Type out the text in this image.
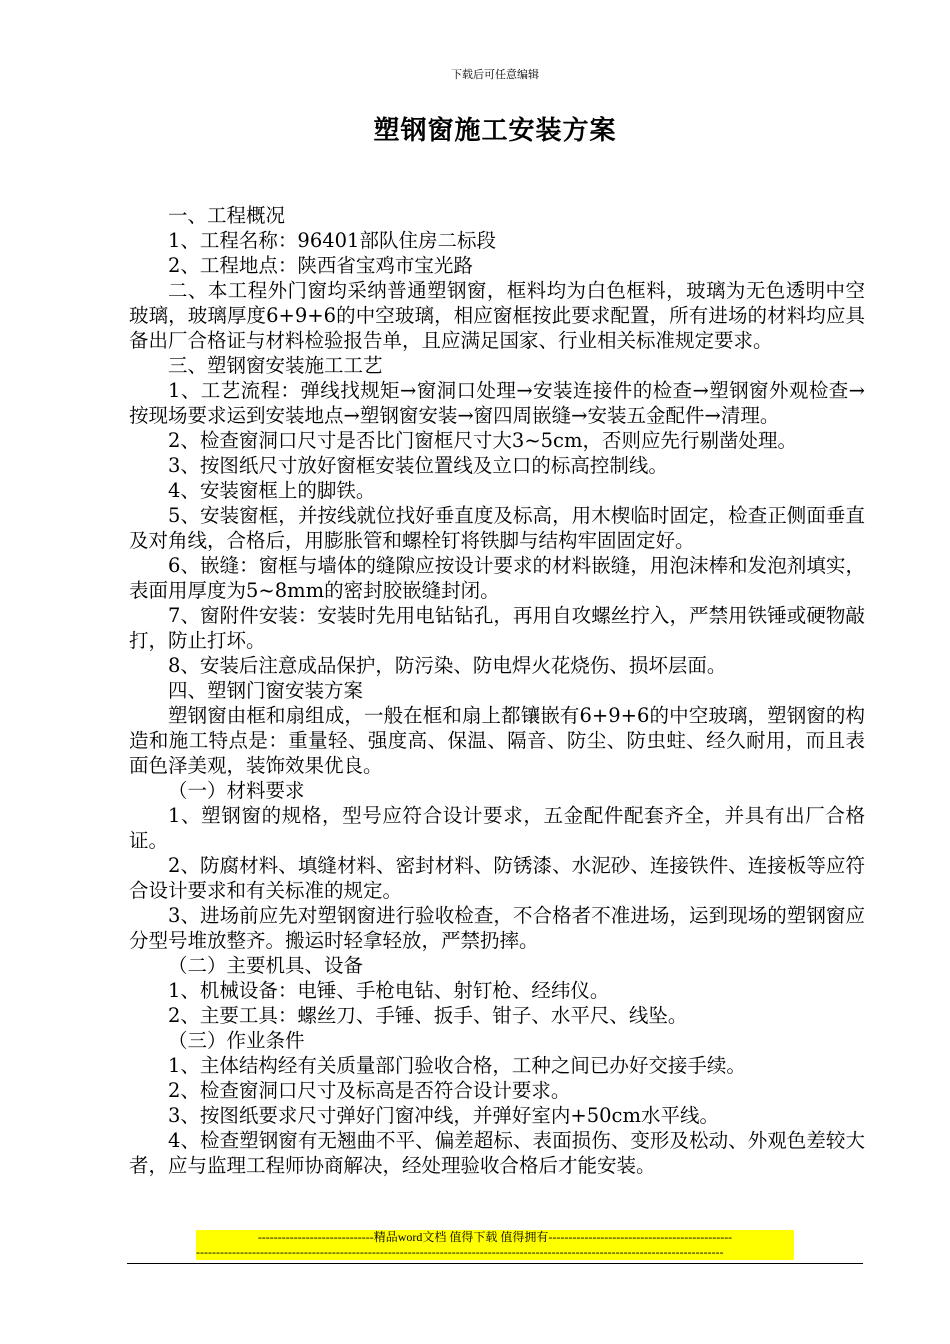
下载后可任意编辑
塑钢窗施工安装方案

一、工程概况

1、工程名称：96401部队住房二标段

2、工程地点：陕西省宝鸡市宝光路

二、本工程外门窗均采纳普通塑钢窗，框料均为白色框料，玻璃为无色透明中空玻璃，玻璃厚度6+9+6的中空玻璃，相应窗框按此要求配置，所有进场的材料均应具备出厂合格证与材料检验报告单，且应满足国家、行业相关标准规定要求。

三、塑钢窗安装施工工艺

1、工艺流程：弹线找规矩→窗洞口处理→安装连接件的检查→塑钢窗外观检查→按现场要求运到安装地点→塑钢窗安装→窗四周嵌缝→安装五金配件→清理。

2、检查窗洞口尺寸是否比门窗框尺寸大3~5cm，否则应先行剔凿处理。

3、按图纸尺寸放好窗框安装位置线及立口的标高控制线。

4、安装窗框上的脚铁。

5、安装窗框，并按线就位找好垂直度及标高，用木楔临时固定，检查正侧面垂直及对角线，合格后，用膨胀管和螺栓钉将铁脚与结构牢固固定好。

6、嵌缝：窗框与墙体的缝隙应按设计要求的材料嵌缝，用泡沫棒和发泡剂填实，表面用厚度为5~8mm的密封胶嵌缝封闭。

7、窗附件安装：安装时先用电钻钻孔，再用自攻螺丝拧入，严禁用铁锤或硬物敲打，防止打坏。

8、安装后注意成品保护，防污染、防电焊火花烧伤、损坏层面。

四、塑钢门窗安装方案

塑钢窗由框和扇组成，一般在框和扇上都镶嵌有6+9+6的中空玻璃，塑钢窗的构造和施工特点是：重量轻、强度高、保温、隔音、防尘、防虫蛀、经久耐用，而且表面色泽美观，装饰效果优良。

（一）材料要求

1、塑钢窗的规格，型号应符合设计要求，五金配件配套齐全，并具有出厂合格证。

2、防腐材料、填缝材料、密封材料、防锈漆、水泥砂、连接铁件、连接板等应符合设计要求和有关标准的规定。

3、进场前应先对塑钢窗进行验收检查，不合格者不准进场，运到现场的塑钢窗应分型号堆放整齐。搬运时轻拿轻放，严禁扔摔。

（二）主要机具、设备

1、机械设备：电锤、手枪电钻、射钉枪、经纬仪。

2、主要工具：螺丝刀、手锤、扳手、钳子、水平尺、线坠。

（三）作业条件

1、主体结构经有关质量部门验收合格，工种之间已办好交接手续。

2、检查窗洞口尺寸及标高是否符合设计要求。

3、按图纸要求尺寸弹好门窗冲线，并弹好室内+50cm水平线。

4、检查塑钢窗有无翘曲不平、偏差超标、表面损伤、变形及松动、外观色差较大者，应与监理工程师协商解决，经处理验收合格后才能安装。

-----------------------------精品word文档 值得下载 值得拥有----------------------------------------------
------------------------------------------------------------------------------------------------------------------------------------
